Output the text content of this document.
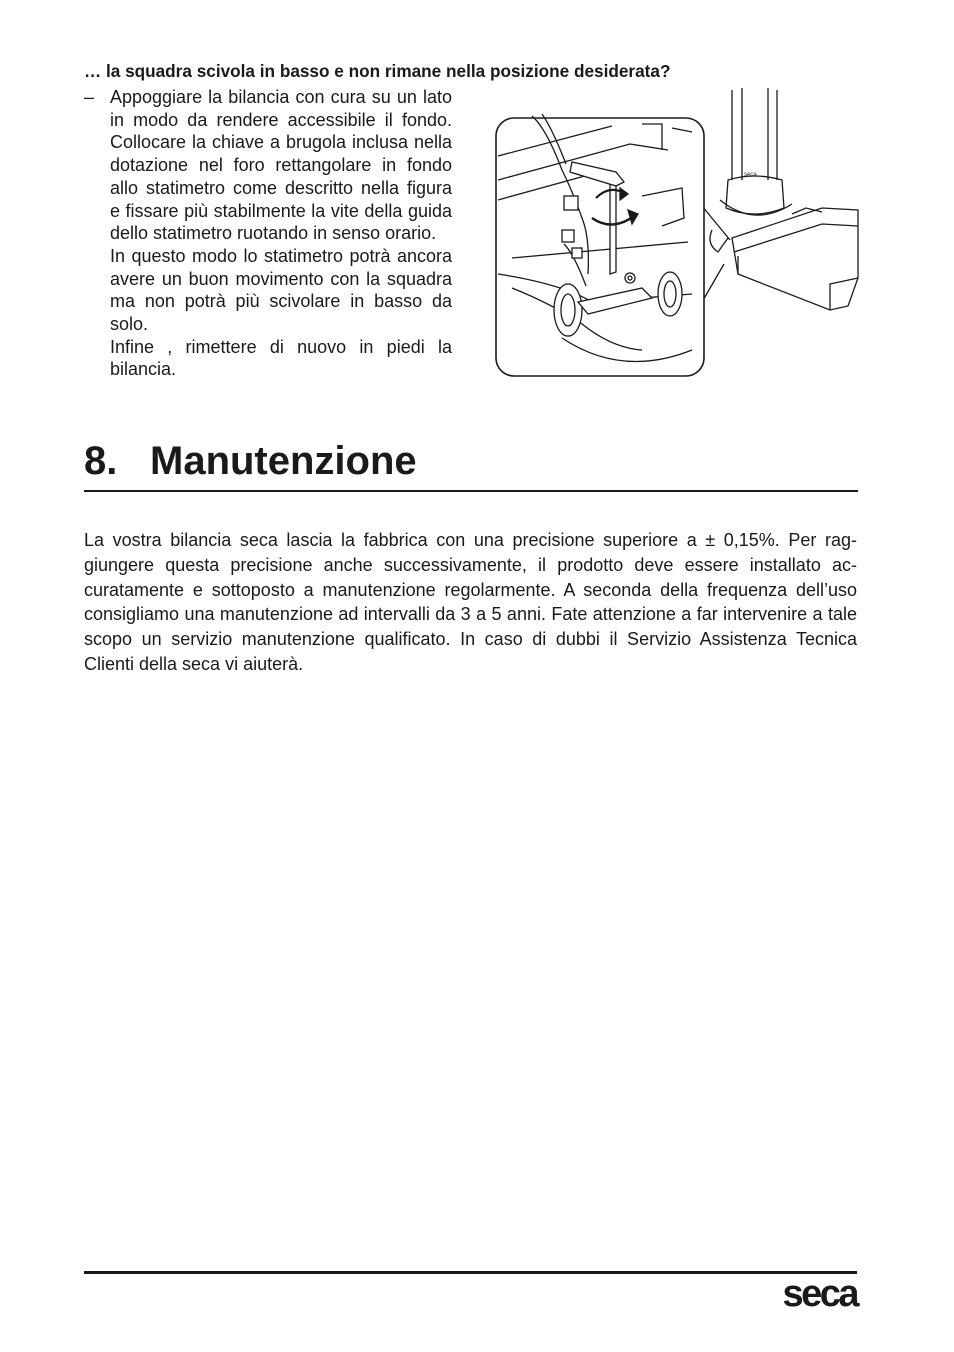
… la squadra scivola in basso e non rimane nella posizione desiderata?
– Appoggiare la bilancia con cura su un lato in modo da rendere accessibile il fondo. Collocare la chiave a brugola inclusa nella dotazione nel foro rettangolare in fondo allo statimetro come descritto nella figura e fissare più stabilmente la vite della guida dello statimetro ruotando in senso orario.

In questo modo lo statimetro potrà ancora avere un buon movimento con la squadra ma non potrà più scivolare in basso da solo.

Infine , rimettere di nuovo in piedi la bilancia.

seca
8. Manutenzione

La vostra bilancia seca lascia la fabbrica con una precisione superiore a ± 0,15%. Per raggiungere questa precisione anche successivamente, il prodotto deve essere installato accuratamente e sottoposto a manutenzione regolarmente. A seconda della frequenza dell’uso consigliamo una manutenzione ad intervalli da 3 a 5 anni. Fate attenzione a far intervenire a tale scopo un servizio manutenzione qualificato. In caso di dubbi il Servizio Assistenza Tecnica Clienti della seca vi aiuterà.

seca
